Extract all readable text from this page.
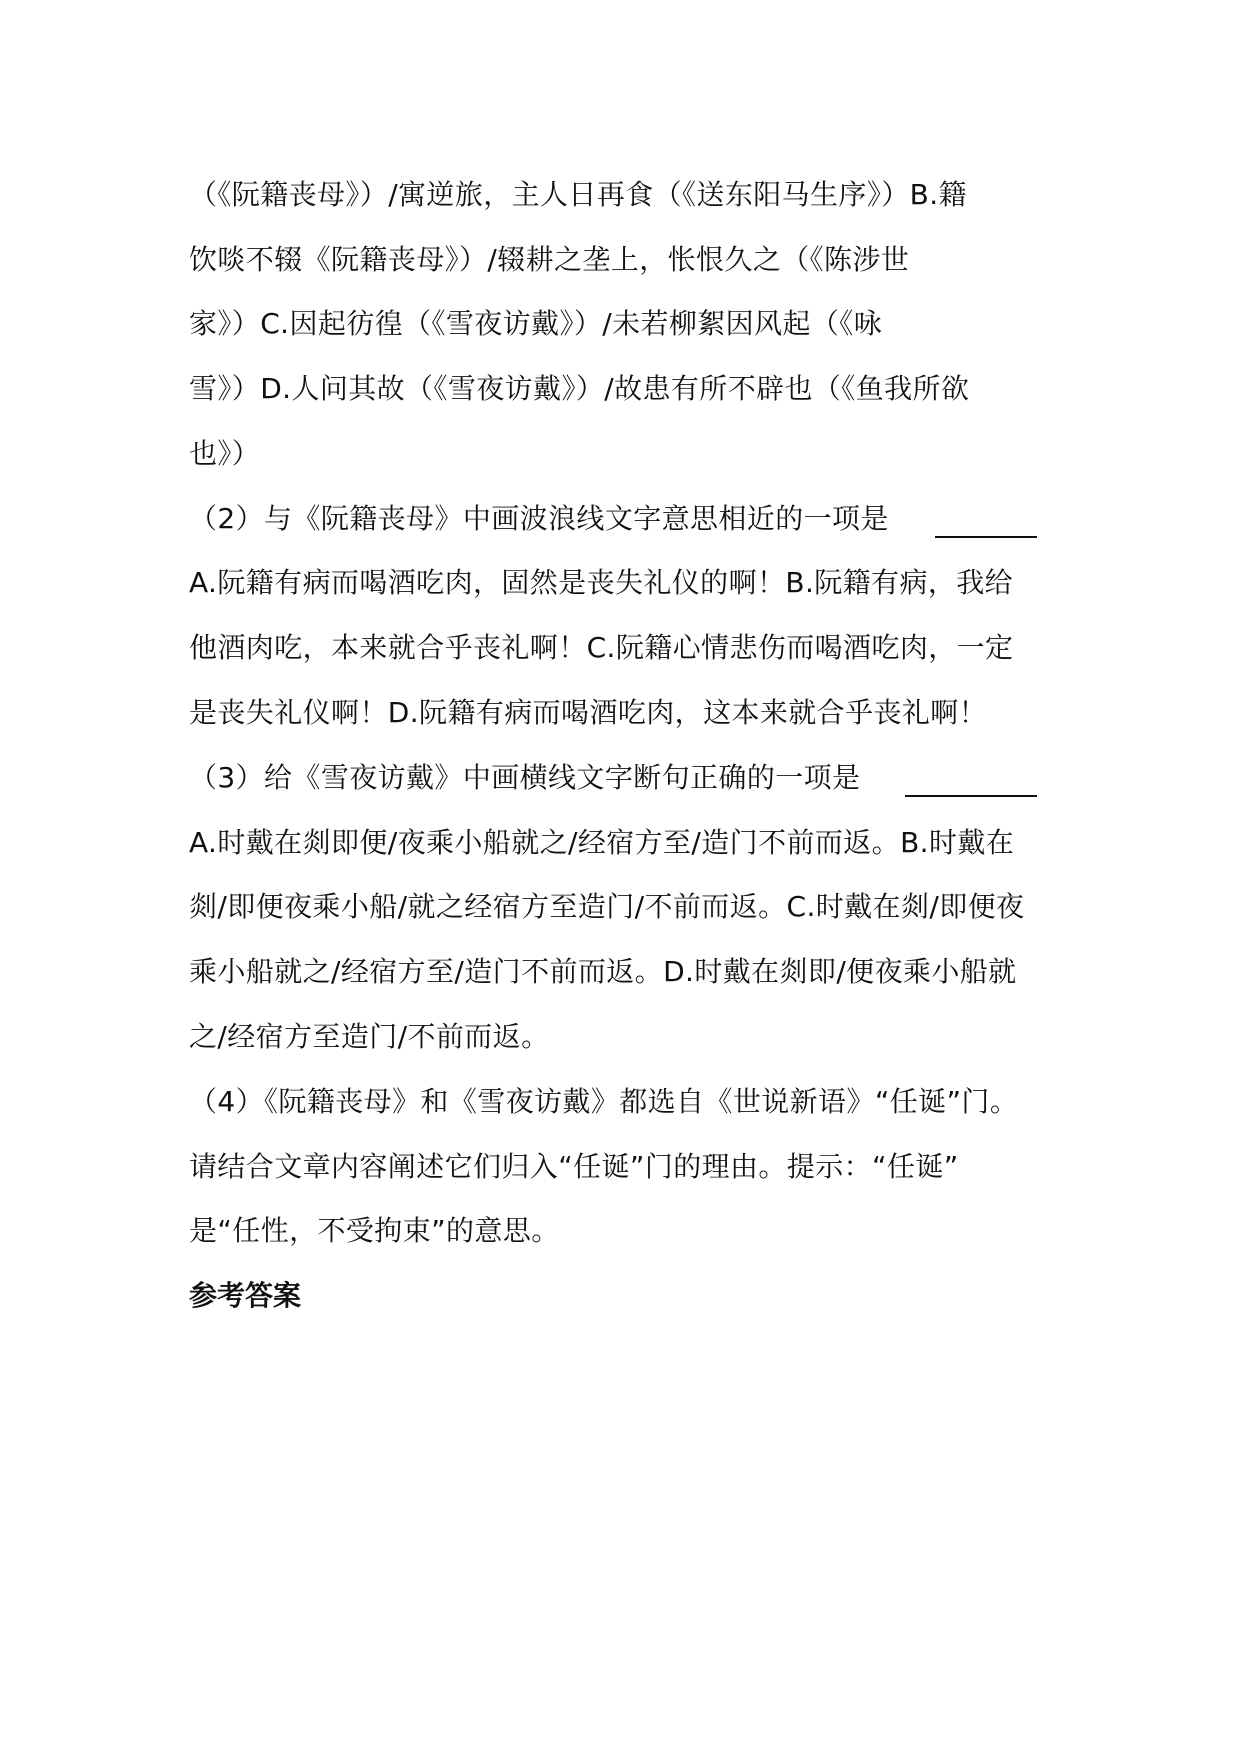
（《阮籍丧母》）/寓逆旅，主人日再食（《送东阳马生序》）B.籍
饮啖不辍《阮籍丧母》）/辍耕之垄上，怅恨久之（《陈涉世
家》）C.因起彷徨（《雪夜访戴》）/未若柳絮因风起（《咏
雪》）D.人问其故（《雪夜访戴》）/故患有所不辟也（《鱼我所欲
也》）
（2）与《阮籍丧母》中画波浪线文字意思相近的一项是
A.阮籍有病而喝酒吃肉，固然是丧失礼仪的啊！B.阮籍有病，我给
他酒肉吃，本来就合乎丧礼啊！C.阮籍心情悲伤而喝酒吃肉，一定
是丧失礼仪啊！D.阮籍有病而喝酒吃肉，这本来就合乎丧礼啊！
（3）给《雪夜访戴》中画横线文字断句正确的一项是
A.时戴在剡即便/夜乘小船就之/经宿方至/造门不前而返。B.时戴在
剡/即便夜乘小船/就之经宿方至造门/不前而返。C.时戴在剡/即便夜
乘小船就之/经宿方至/造门不前而返。D.时戴在剡即/便夜乘小船就
之/经宿方至造门/不前而返。
（4）《阮籍丧母》和《雪夜访戴》都选自《世说新语》“任诞”门。
请结合文章内容阐述它们归入“任诞”门的理由。提示：“任诞”
是“任性，不受拘束”的意思。
参考答案
